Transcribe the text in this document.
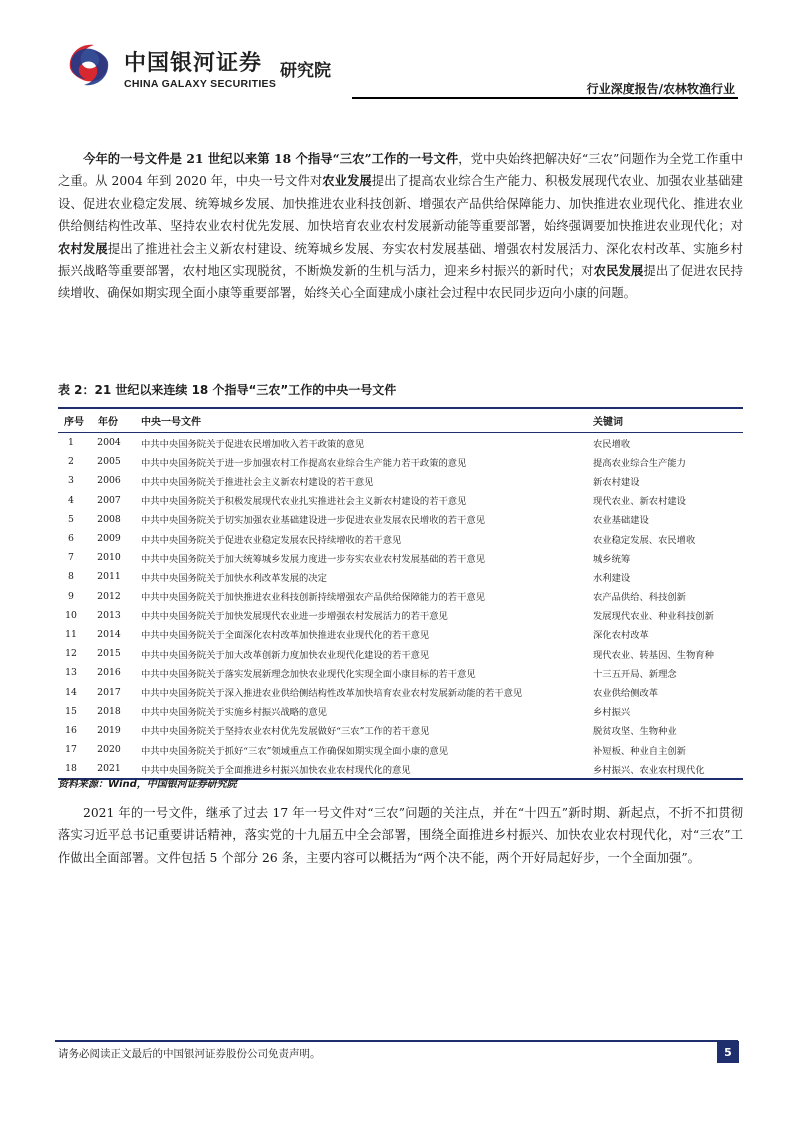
中国银河证券
CHINA GALAXY SECURITIES
研究院
行业深度报告/农林牧渔行业
今年的一号文件是 21 世纪以来第 18 个指导“三农”工作的一号文件，党中央始终把解决好“三农”问题作为全党工作重中之重。从 2004 年到 2020 年，中央一号文件对农业发展提出了提高农业综合生产能力、积极发展现代农业、加强农业基础建设、促进农业稳定发展、统筹城乡发展、加快推进农业科技创新、增强农产品供给保障能力、加快推进农业现代化、推进农业供给侧结构性改革、坚持农业农村优先发展、加快培育农业农村发展新动能等重要部署，始终强调要加快推进农业现代化；对农村发展提出了推进社会主义新农村建设、统筹城乡发展、夯实农村发展基础、增强农村发展活力、深化农村改革、实施乡村振兴战略等重要部署，农村地区实现脱贫，不断焕发新的生机与活力，迎来乡村振兴的新时代；对农民发展提出了促进农民持续增收、确保如期实现全面小康等重要部署，始终关心全面建成小康社会过程中农民同步迈向小康的问题。
表 2：21 世纪以来连续 18 个指导“三农”工作的中央一号文件
序号	年份	中央一号文件	关键词
1	2004	中共中央国务院关于促进农民增加收入若干政策的意见	农民增收
2	2005	中共中央国务院关于进一步加强农村工作提高农业综合生产能力若干政策的意见	提高农业综合生产能力
3	2006	中共中央国务院关于推进社会主义新农村建设的若干意见	新农村建设
4	2007	中共中央国务院关于积极发展现代农业扎实推进社会主义新农村建设的若干意见	现代农业、新农村建设
5	2008	中共中央国务院关于切实加强农业基础建设进一步促进农业发展农民增收的若干意见	农业基础建设
6	2009	中共中央国务院关于促进农业稳定发展农民持续增收的若干意见	农业稳定发展、农民增收
7	2010	中共中央国务院关于加大统筹城乡发展力度进一步夯实农业农村发展基础的若干意见	城乡统筹
8	2011	中共中央国务院关于加快水利改革发展的决定	水利建设
9	2012	中共中央国务院关于加快推进农业科技创新持续增强农产品供给保障能力的若干意见	农产品供给、科技创新
10	2013	中共中央国务院关于加快发展现代农业进一步增强农村发展活力的若干意见	发展现代农业、种业科技创新
11	2014	中共中央国务院关于全面深化农村改革加快推进农业现代化的若干意见	深化农村改革
12	2015	中共中央国务院关于加大改革创新力度加快农业现代化建设的若干意见	现代农业、转基因、生物育种
13	2016	中共中央国务院关于落实发展新理念加快农业现代化实现全面小康目标的若干意见	十三五开局、新理念
14	2017	中共中央国务院关于深入推进农业供给侧结构性改革加快培育农业农村发展新动能的若干意见	农业供给侧改革
15	2018	中共中央国务院关于实施乡村振兴战略的意见	乡村振兴
16	2019	中共中央国务院关于坚持农业农村优先发展做好“三农”工作的若干意见	脱贫攻坚、生物种业
17	2020	中共中央国务院关于抓好“三农”领域重点工作确保如期实现全面小康的意见	补短板、种业自主创新
18	2021	中共中央国务院关于全面推进乡村振兴加快农业农村现代化的意见	乡村振兴、农业农村现代化
资料来源：Wind，中国银河证券研究院
2021 年的一号文件，继承了过去 17 年一号文件对“三农”问题的关注点，并在“十四五”新时期、新起点，不折不扣贯彻落实习近平总书记重要讲话精神，落实党的十九届五中全会部署，围绕全面推进乡村振兴、加快农业农村现代化，对“三农”工作做出全面部署。文件包括 5 个部分 26 条，主要内容可以概括为“两个决不能，两个开好局起好步，一个全面加强”。
请务必阅读正文最后的中国银河证券股份公司免责声明。	5
